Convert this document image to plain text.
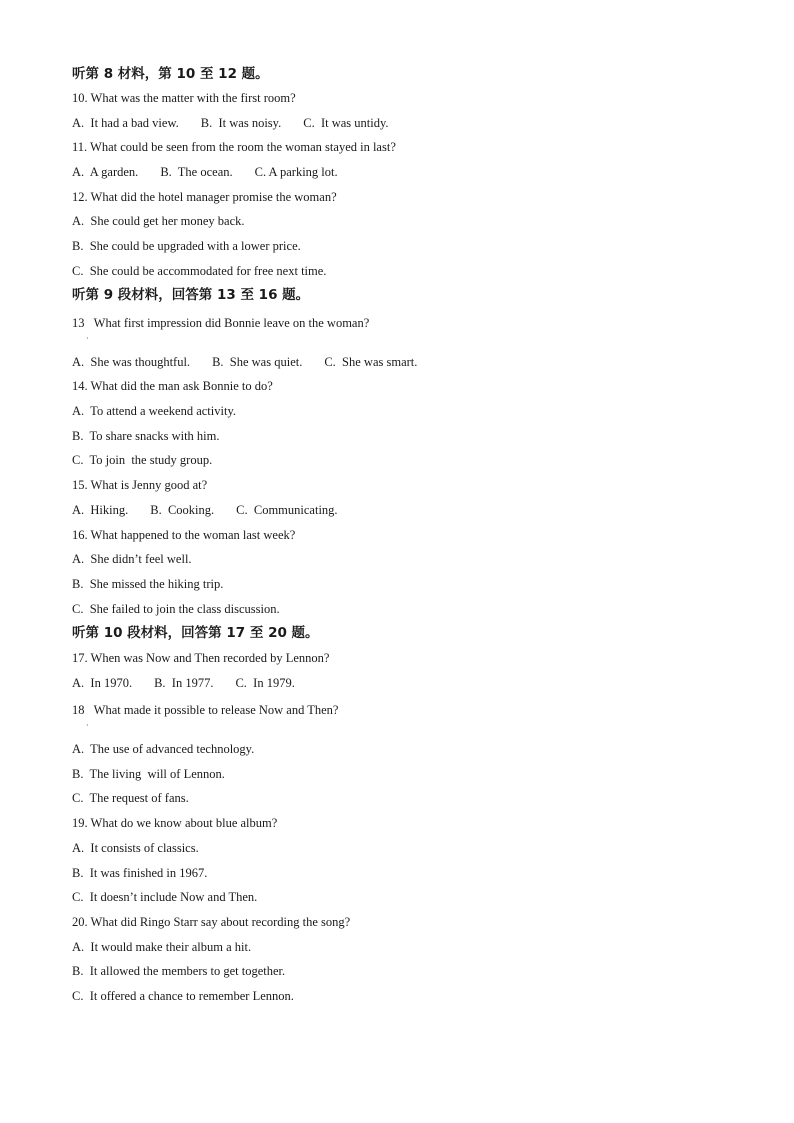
听第 8 材料，第 10 至 12 题。
10. What was the matter with the first room?
A.  It had a bad view. B.  It was noisy. C.  It was untidy.
11. What could be seen from the room the woman stayed in last?
A.  A garden. B.  The ocean. C. A parking lot.
12. What did the hotel manager promise the woman?
A.  She could get her money back.
B.  She could be upgraded with a lower price.
C.  She could be accommodated for free next time.
听第 9 段材料，回答第 13 至 16 题。
13   What first impression did Bonnie leave on the woman?
·
A.  She was thoughtful. B.  She was quiet. C.  She was smart.
14. What did the man ask Bonnie to do?
A.  To attend a weekend activity.
B.  To share snacks with him.
C.  To join  the study group.
15. What is Jenny good at?
A.  Hiking. B.  Cooking. C.  Communicating.
16. What happened to the woman last week?
A.  She didn’t feel well.
B.  She missed the hiking trip.
C.  She failed to join the class discussion.
听第 10 段材料，回答第 17 至 20 题。
17. When was Now and Then recorded by Lennon?
A.  In 1970. B.  In 1977. C.  In 1979.
18   What made it possible to release Now and Then?
·
A.  The use of advanced technology.
B.  The living  will of Lennon.
C.  The request of fans.
19. What do we know about blue album?
A.  It consists of classics.
B.  It was finished in 1967.
C.  It doesn’t include Now and Then.
20. What did Ringo Starr say about recording the song?
A.  It would make their album a hit.
B.  It allowed the members to get together.
C.  It offered a chance to remember Lennon.
